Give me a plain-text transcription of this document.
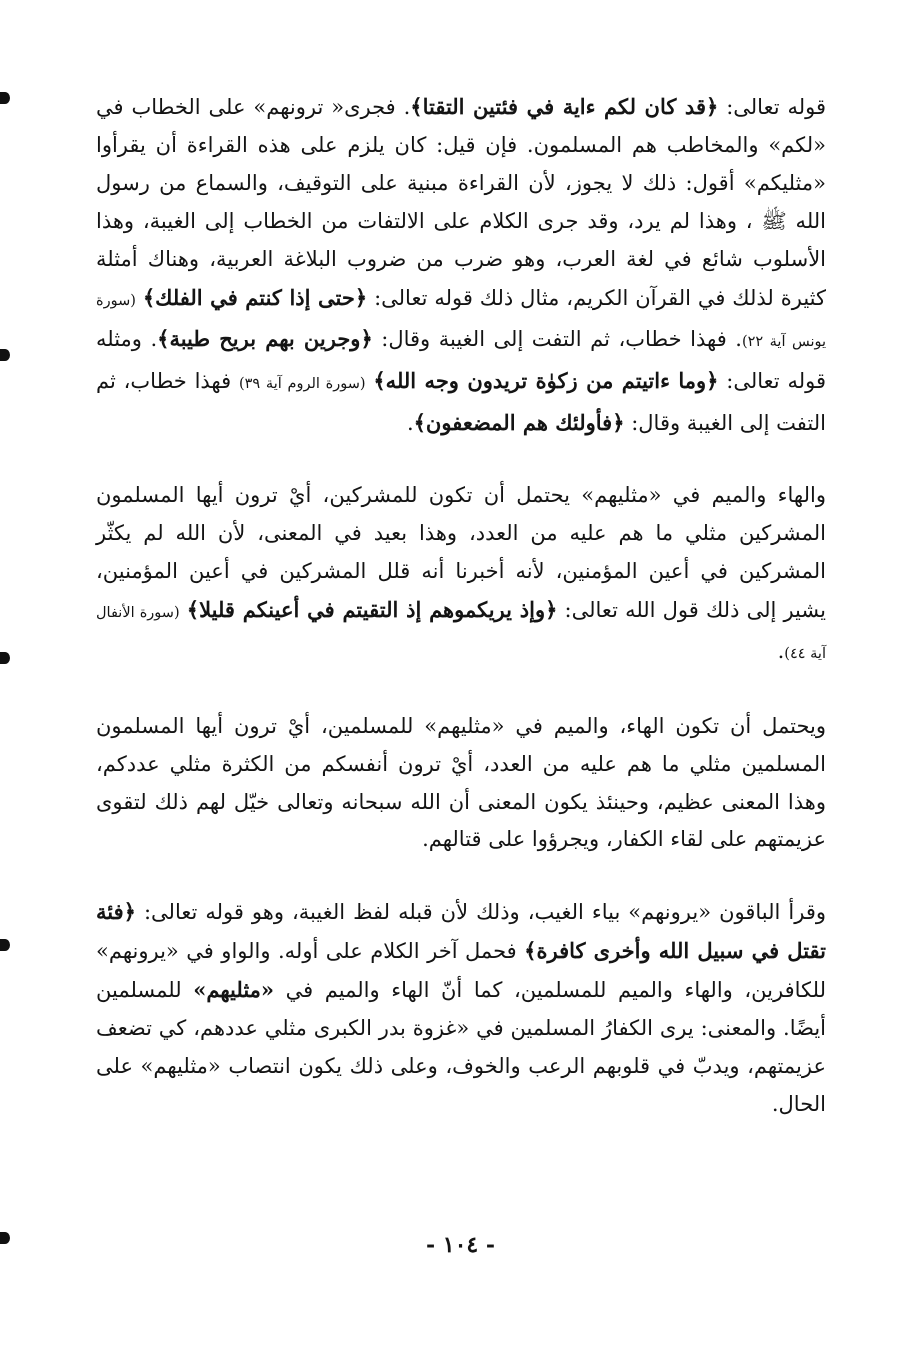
قوله تعالى: ﴿قد كان لكم ءاية في فئتين التقتا﴾. فجرى« ترونهم» على الخطاب في «لكم» والمخاطب هم المسلمون. فإن قيل: كان يلزم على هذه القراءة أن يقرأوا «مثليكم» أقول: ذلك لا يجوز، لأن القراءة مبنية على التوقيف، والسماع من رسول الله ﷺ ، وهذا لم يرد، وقد جرى الكلام على الالتفات من الخطاب إلى الغيبة، وهذا الأسلوب شائع في لغة العرب، وهو ضرب من ضروب البلاغة العربية، وهناك أمثلة كثيرة لذلك في القرآن الكريم، مثال ذلك قوله تعالى: ﴿حتى إذا كنتم في الفلك﴾ (سورة يونس آية ٢٢). فهذا خطاب، ثم التفت إلى الغيبة وقال: ﴿وجرين بهم بريح طيبة﴾. ومثله قوله تعالى: ﴿وما ءاتيتم من زكوٰة تريدون وجه الله﴾ (سورة الروم آية ٣٩) فهذا خطاب، ثم التفت إلى الغيبة وقال: ﴿فأولئك هم المضعفون﴾.

والهاء والميم في «مثليهم» يحتمل أن تكون للمشركين، أيْ ترون أيها المسلمون المشركين مثلي ما هم عليه من العدد، وهذا بعيد في المعنى، لأن الله لم يكثّر المشركين في أعين المؤمنين، لأنه أخبرنا أنه قلل المشركين في أعين المؤمنين، يشير إلى ذلك قول الله تعالى: ﴿وإذ يريكموهم إذ التقيتم في أعينكم قليلا﴾ (سورة الأنفال آية ٤٤).

ويحتمل أن تكون الهاء، والميم في «مثليهم» للمسلمين، أيْ ترون أيها المسلمون المسلمين مثلي ما هم عليه من العدد، أيْ ترون أنفسكم من الكثرة مثلي عددكم، وهذا المعنى عظيم، وحينئذ يكون المعنى أن الله سبحانه وتعالى خيّل لهم ذلك لتقوى عزيمتهم على لقاء الكفار، ويجرؤوا على قتالهم.

وقرأ الباقون «يرونهم» بياء الغيب، وذلك لأن قبله لفظ الغيبة، وهو قوله تعالى: ﴿فئة تقتل في سبيل الله وأخرى كافرة﴾ فحمل آخر الكلام على أوله. والواو في «يرونهم» للكافرين، والهاء والميم للمسلمين، كما أنّ الهاء والميم في «مثليهم» للمسلمين أيضًا. والمعنى: يرى الكفارُ المسلمين في «غزوة بدر الكبرى مثلي عددهم، كي تضعف عزيمتهم، ويدبّ في قلوبهم الرعب والخوف، وعلى ذلك يكون انتصاب «مثليهم» على الحال.

- ١٠٤ -
